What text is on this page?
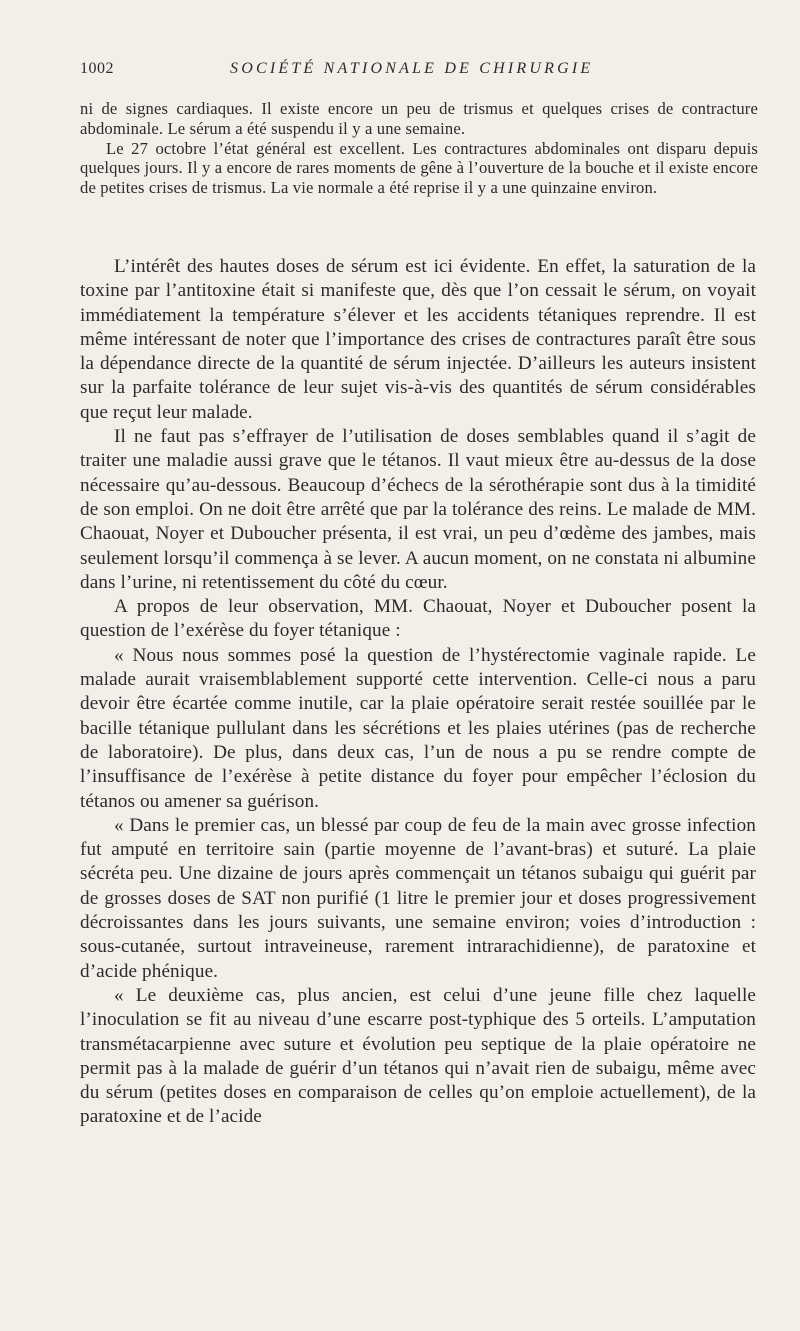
1002	SOCIÉTÉ NATIONALE DE CHIRURGIE

ni de signes cardiaques. Il existe encore un peu de trismus et quelques crises de contracture abdominale. Le sérum a été suspendu il y a une semaine.

Le 27 octobre l’état général est excellent. Les contractures abdominales ont disparu depuis quelques jours. Il y a encore de rares moments de gêne à l’ouverture de la bouche et il existe encore de petites crises de trismus. La vie normale a été reprise il y a une quinzaine environ.

L’intérêt des hautes doses de sérum est ici évidente. En effet, la saturation de la toxine par l’antitoxine était si manifeste que, dès que l’on cessait le sérum, on voyait immédiatement la température s’élever et les accidents tétaniques reprendre. Il est même intéressant de noter que l’importance des crises de contractures paraît être sous la dépendance directe de la quantité de sérum injectée. D’ailleurs les auteurs insistent sur la parfaite tolérance de leur sujet vis-à-vis des quantités de sérum considérables que reçut leur malade.

Il ne faut pas s’effrayer de l’utilisation de doses semblables quand il s’agit de traiter une maladie aussi grave que le tétanos. Il vaut mieux être au-dessus de la dose nécessaire qu’au-dessous. Beaucoup d’échecs de la sérothérapie sont dus à la timidité de son emploi. On ne doit être arrêté que par la tolérance des reins. Le malade de MM. Chaouat, Noyer et Duboucher présenta, il est vrai, un peu d’œdème des jambes, mais seulement lorsqu’il commença à se lever. A aucun moment, on ne constata ni albumine dans l’urine, ni retentissement du côté du cœur.

A propos de leur observation, MM. Chaouat, Noyer et Duboucher posent la question de l’exérèse du foyer tétanique :

« Nous nous sommes posé la question de l’hystérectomie vaginale rapide. Le malade aurait vraisemblablement supporté cette intervention. Celle-ci nous a paru devoir être écartée comme inutile, car la plaie opératoire serait restée souillée par le bacille tétanique pullulant dans les sécrétions et les plaies utérines (pas de recherche de laboratoire). De plus, dans deux cas, l’un de nous a pu se rendre compte de l’insuffisance de l’exérèse à petite distance du foyer pour empêcher l’éclosion du tétanos ou amener sa guérison.

« Dans le premier cas, un blessé par coup de feu de la main avec grosse infection fut amputé en territoire sain (partie moyenne de l’avant-bras) et suturé. La plaie sécréta peu. Une dizaine de jours après commençait un tétanos subaigu qui guérit par de grosses doses de SAT non purifié (1 litre le premier jour et doses progressivement décroissantes dans les jours suivants, une semaine environ; voies d’introduction : sous-cutanée, surtout intraveineuse, rarement intrarachidienne), de paratoxine et d’acide phénique.

« Le deuxième cas, plus ancien, est celui d’une jeune fille chez laquelle l’inoculation se fit au niveau d’une escarre post-typhique des 5 orteils. L’amputation transmétacarpienne avec suture et évolution peu septique de la plaie opératoire ne permit pas à la malade de guérir d’un tétanos qui n’avait rien de subaigu, même avec du sérum (petites doses en comparaison de celles qu’on emploie actuellement), de la paratoxine et de l’acide
